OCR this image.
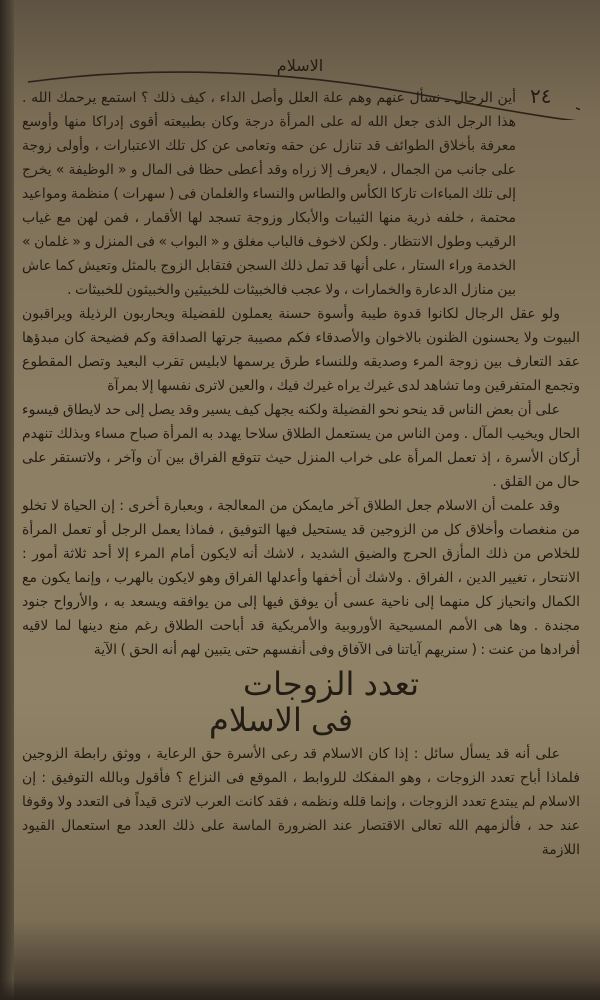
الاسلام
٢٤

أين الرجال ـ نسأل عنهم وهم علة العلل وأصل الداء ، كيف ذلك ؟ استمع يرحمك الله . هذا الرجل الذى جعل الله له على المرأة درجة وكان بطبيعته أقوى إدراكا منها وأوسع معرفة بأخلاق الطوائف قد تنازل عن حقه وتعامى عن كل تلك الاعتبارات ، وأولى زوجة على جانب من الجمال ، لايعرف إلا زراه وقد أعطى حظا فى المال و « الوظيفة » يخرج إلى تلك المباءات تاركا الكأس والطاس والنساء والغلمان فى ( سهرات ) منظمة ومواعيد محتمة ، خلفه ذرية منها الثيبات والأبكار وزوجة تسجد لها الأقمار ، فمن لهن مع غياب الرقيب وطول الانتظار . ولكن لاخوف فالباب مغلق و « البواب » فى المنزل و « غلمان » الخدمة وراء الستار ، على أنها قد تمل ذلك السجن فتقابل الزوج بالمثل وتعيش كما عاش بين منازل الدعارة والخمارات ، ولا عجب فالخبيثات للخبيثين والخبيثون للخبيثات .

ولو عقل الرجال لكانوا قدوة طيبة وأسوة حسنة يعملون للفضيلة ويحاربون الرذيلة ويراقبون البيوت ولا يحسنون الظنون بالاخوان والأصدقاء فكم مصيبة جرتها الصداقة وكم فضيحة كان مبدؤها عقد التعارف بين زوجة المرء وصديقه وللنساء طرق يرسمها لابليس تقرب البعيد وتصل المقطوع وتجمع المتفرقين وما تشاهد لدى غيرك يراه غيرك فيك ، والعين لاترى نفسها إلا بمرآة

على أن بعض الناس قد ينحو نحو الفضيلة ولكنه يجهل كيف يسير وقد يصل إلى حد لايطاق فيسوء الحال ويخيب المآل . ومن الناس من يستعمل الطلاق سلاحا يهدد به المرأة صباح مساء وبذلك تنهدم أركان الأسرة ، إذ تعمل المرأة على خراب المنزل حيث تتوقع الفراق بين آن وآخر ، ولاتستقر على حال من القلق .

وقد علمت أن الاسلام جعل الطلاق آخر مايمكن من المعالجة ، وبعبارة أخرى : إن الحياة لا تخلو من منغصات وأخلاق كل من الزوجين قد يستحيل فيها التوفيق ، فماذا يعمل الرجل أو تعمل المرأة للخلاص من ذلك المأزق الحرج والضيق الشديد ، لاشك أنه لايكون أمام المرء إلا أحد ثلاثة أمور : الانتحار ، تغيير الدين ، الفراق . ولاشك أن أخفها وأعدلها الفراق وهو لايكون بالهرب ، وإنما يكون مع الكمال وانحياز كل منهما إلى ناحية عسى أن يوفق فيها إلى من يوافقه ويسعد به ، والأرواح جنود مجندة . وها هى الأمم المسيحية الأوروبية والأمريكية قد أباحت الطلاق رغم منع دينها لما لاقيه أفرادها من عنت : ( سنريهم آياتنا فى الآفاق وفى أنفسهم حتى يتبين لهم أنه الحق ) الآية

تعدد الزوجات
فى الاسلام

على أنه قد يسأل سائل : إذا كان الاسلام قد رعى الأسرة حق الرعاية ، ووثق رابطة الزوجين فلماذا أباح تعدد الزوجات ، وهو المفكك للروابط ، الموقع فى النزاع ؟ فأقول وبالله التوفيق : إن الاسلام لم يبتدع تعدد الزوجات ، وإنما قلله ونظمه ، فقد كانت العرب لاترى قيداً فى التعدد ولا وقوفا عند حد ، فألزمهم الله تعالى الاقتصار عند الضرورة الماسة على ذلك العدد مع استعمال القيود اللازمة
